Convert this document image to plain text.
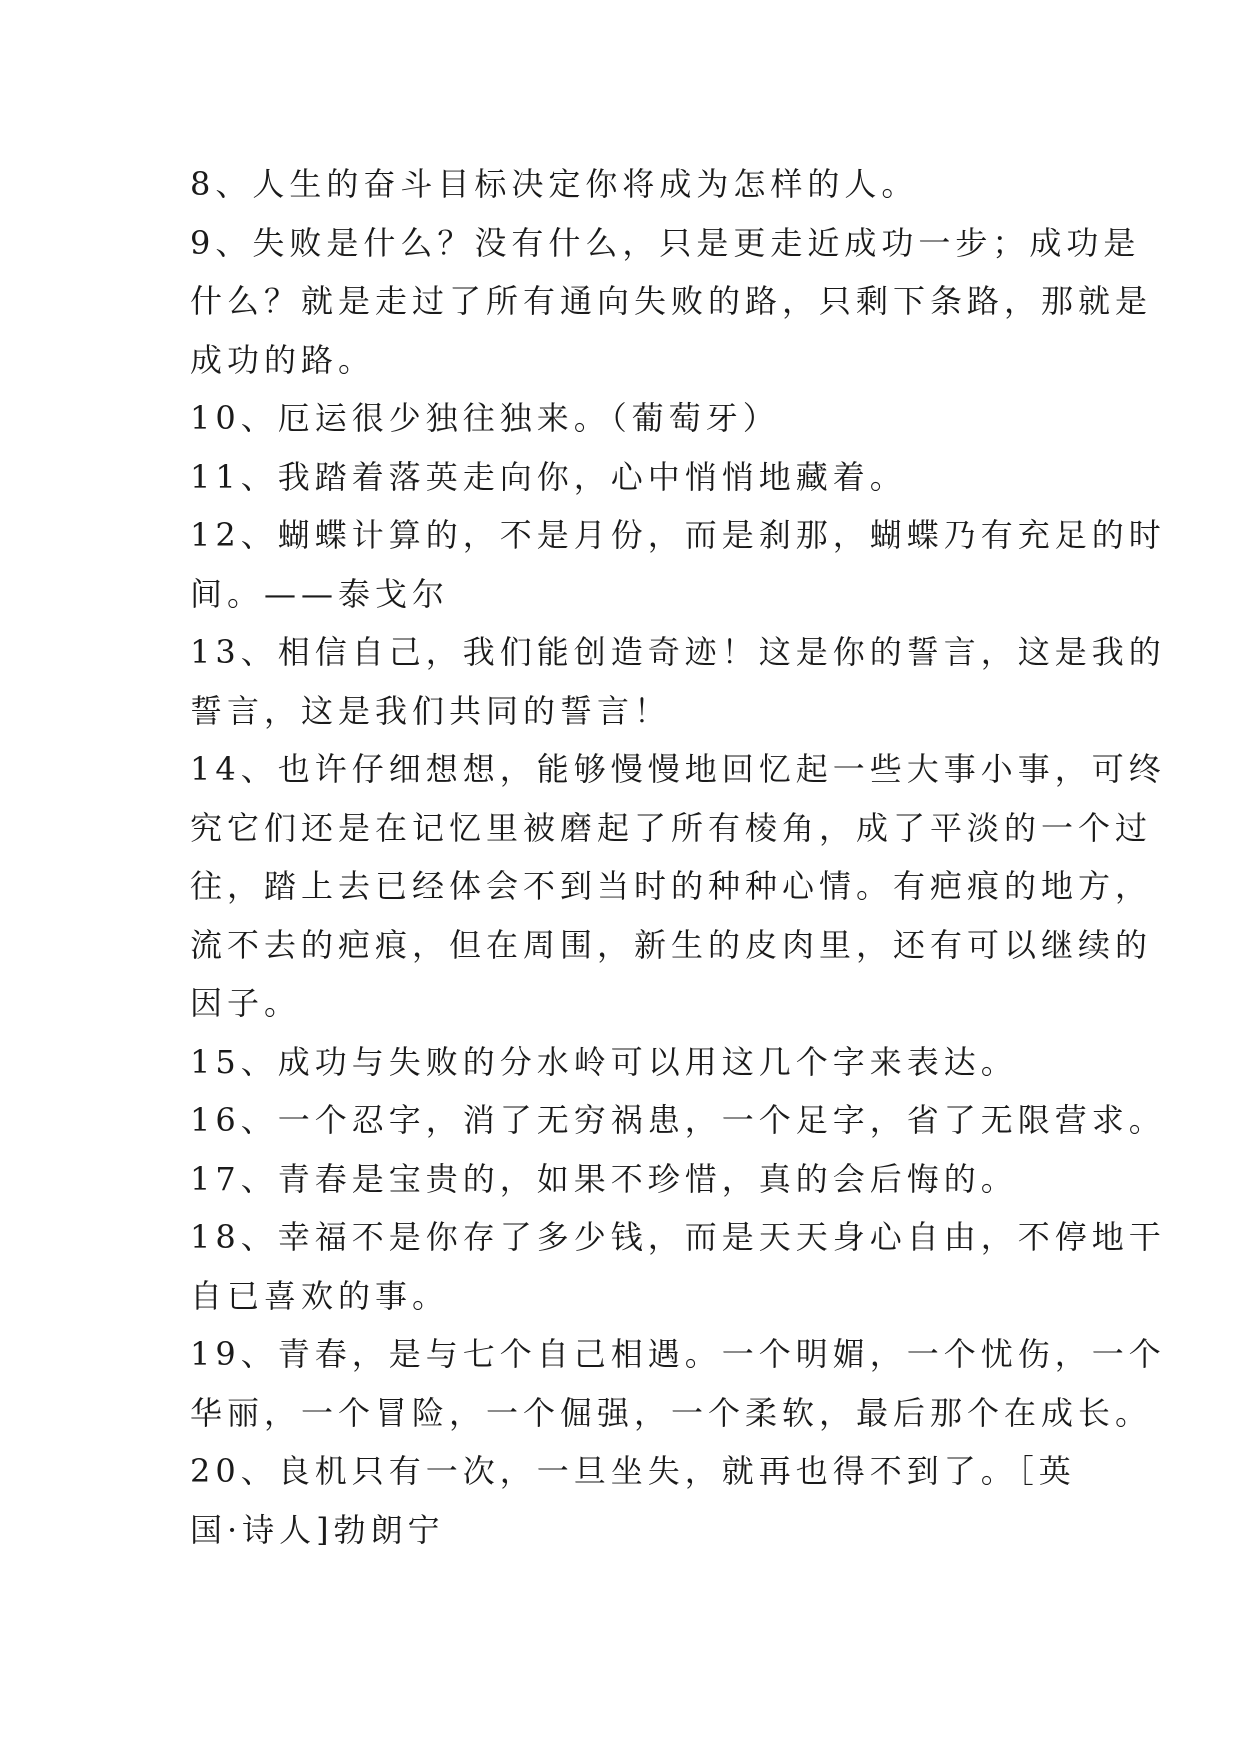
8、人生的奋斗目标决定你将成为怎样的人。
9、失败是什么？没有什么，只是更走近成功一步；成功是
什么？就是走过了所有通向失败的路，只剩下条路，那就是
成功的路。
10、厄运很少独往独来。（葡萄牙）
11、我踏着落英走向你，心中悄悄地藏着。
12、蝴蝶计算的，不是月份，而是刹那，蝴蝶乃有充足的时
间。——泰戈尔
13、相信自己，我们能创造奇迹！这是你的誓言，这是我的
誓言，这是我们共同的誓言！
14、也许仔细想想，能够慢慢地回忆起一些大事小事，可终
究它们还是在记忆里被磨起了所有棱角，成了平淡的一个过
往，踏上去已经体会不到当时的种种心情。有疤痕的地方，
流不去的疤痕，但在周围，新生的皮肉里，还有可以继续的
因子。
15、成功与失败的分水岭可以用这几个字来表达。
16、一个忍字，消了无穷祸患，一个足字，省了无限营求。
17、青春是宝贵的，如果不珍惜，真的会后悔的。
18、幸福不是你存了多少钱，而是天天身心自由，不停地干
自已喜欢的事。
19、青春，是与七个自己相遇。一个明媚，一个忧伤，一个
华丽，一个冒险，一个倔强，一个柔软，最后那个在成长。
20、良机只有一次，一旦坐失，就再也得不到了。［英
国·诗人]勃朗宁
